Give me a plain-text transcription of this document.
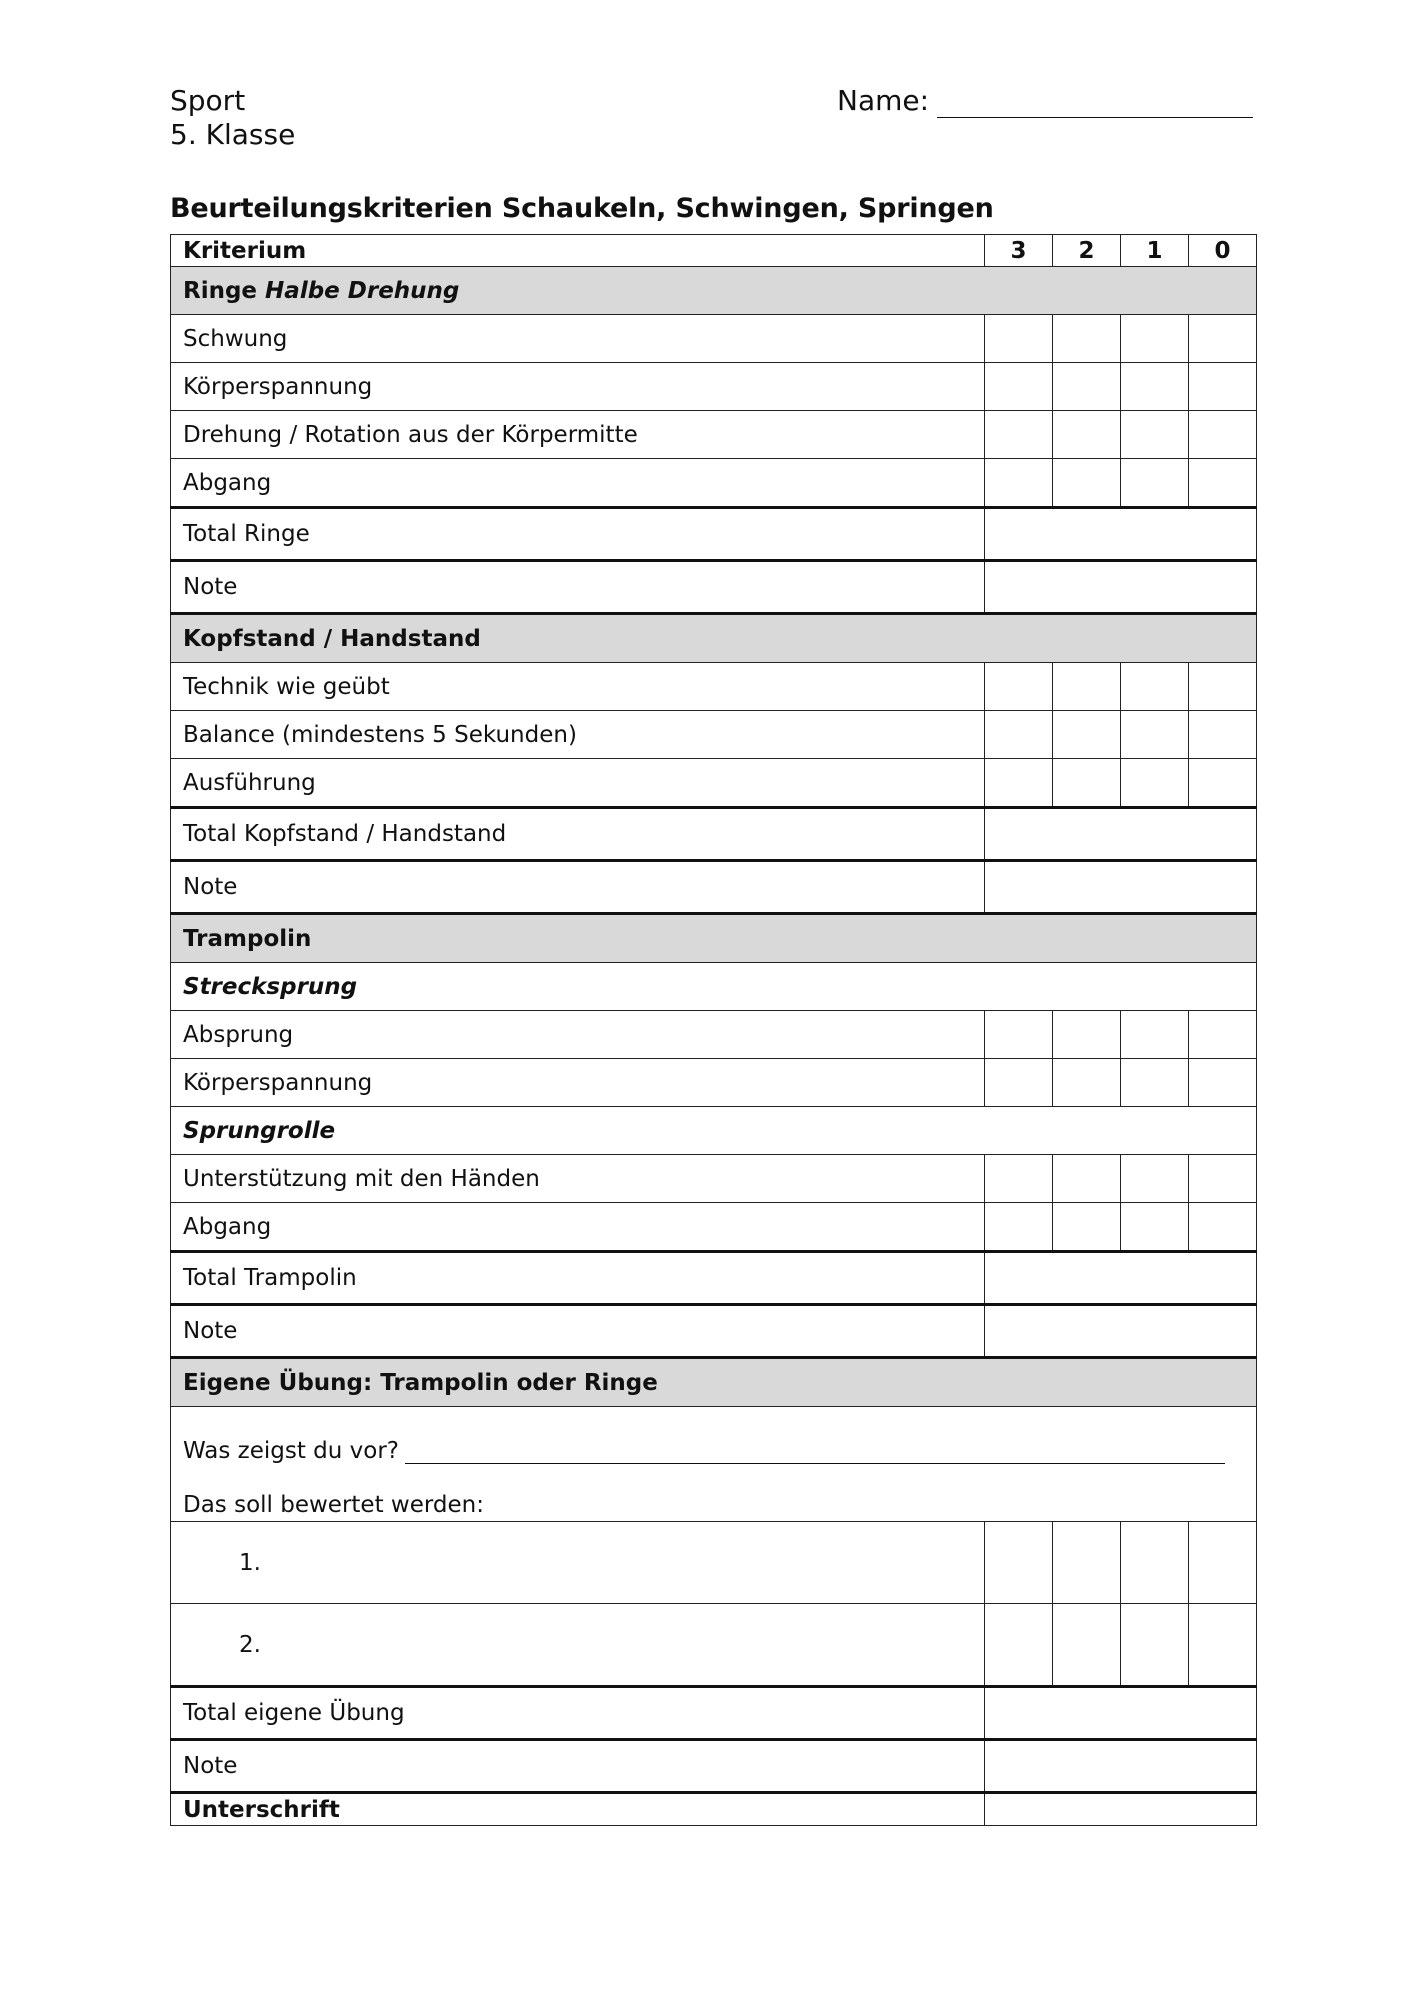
Sport
5. Klasse
Name:
Beurteilungskriterien Schaukeln, Schwingen, Springen
Kriterium	3	2	1	0
Ringe Halbe Drehung				
Schwung				
Körperspannung				
Drehung / Rotation aus der Körpermitte				
Abgang				
Total Ringe				
Note				
Kopfstand / Handstand				
Technik wie geübt				
Balance (mindestens 5 Sekunden)				
Ausführung				
Total Kopfstand / Handstand				
Note				
Trampolin				
Strecksprung				
Absprung				
Körperspannung				
Sprungrolle				
Unterstützung mit den Händen				
Abgang				
Total Trampolin				
Note				
Eigene Übung: Trampolin oder Ringe				

Was zeigst du vor?
Das soll bewertet werden:				

1.				
2.				
Total eigene Übung				
Note				
Unterschrift				
